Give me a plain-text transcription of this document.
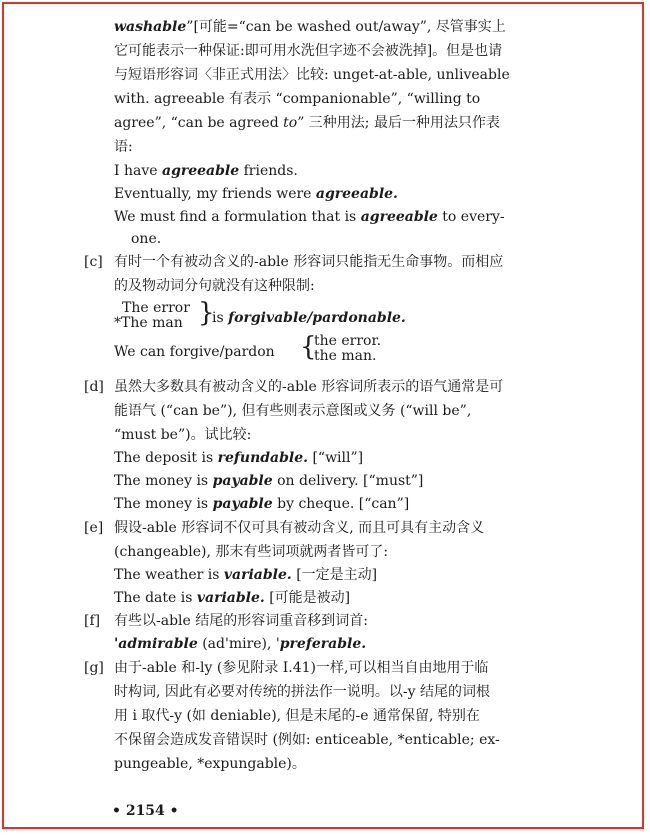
washable”[可能=“can be washed out/away”, 尽管事实上
它可能表示一种保证:即可用水洗但字迹不会被洗掉]。但是也请
与短语形容词〈非正式用法〉比较: unget-at-able, unliveable
with. agreeable 有表示 “companionable”, “willing to
agree”, “can be agreed to” 三种用法; 最后一种用法只作表
语:
I have agreeable friends.
Eventually, my friends were agreeable.
We must find a formulation that is agreeable to every-
one.
[c] 有时一个有被动含义的-able 形容词只能指无生命事物。而相应
的及物动词分句就没有这种限制:
The error
*The man }
is forgivable/pardonable.
We can forgive/pardon {
the error.
the man.
[d] 虽然大多数具有被动含义的-able 形容词所表示的语气通常是可
能语气 (“can be”), 但有些则表示意图或义务 (“will be”,
“must be”)。试比较:
The deposit is refundable. [“will”]
The money is payable on delivery. [“must”]
The money is payable by cheque. [“can”]
[e] 假设-able 形容词不仅可具有被动含义, 而且可具有主动含义
(changeable), 那末有些词项就两者皆可了:
The weather is variable. [一定是主动]
The date is variable. [可能是被动]
[f] 有些以-able 结尾的形容词重音移到词首:
'admirable (ad'mire), 'preferable.
[g] 由于-able 和-ly (参见附录 Ⅰ.41)一样,可以相当自由地用于临
时构词, 因此有必要对传统的拼法作一说明。以-y 结尾的词根
用 i 取代-y (如 deniable), 但是末尾的-e 通常保留, 特别在
不保留会造成发音错误时 (例如: enticeable, *enticable; ex-
pungeable, *expungable)。
• 2154 •
